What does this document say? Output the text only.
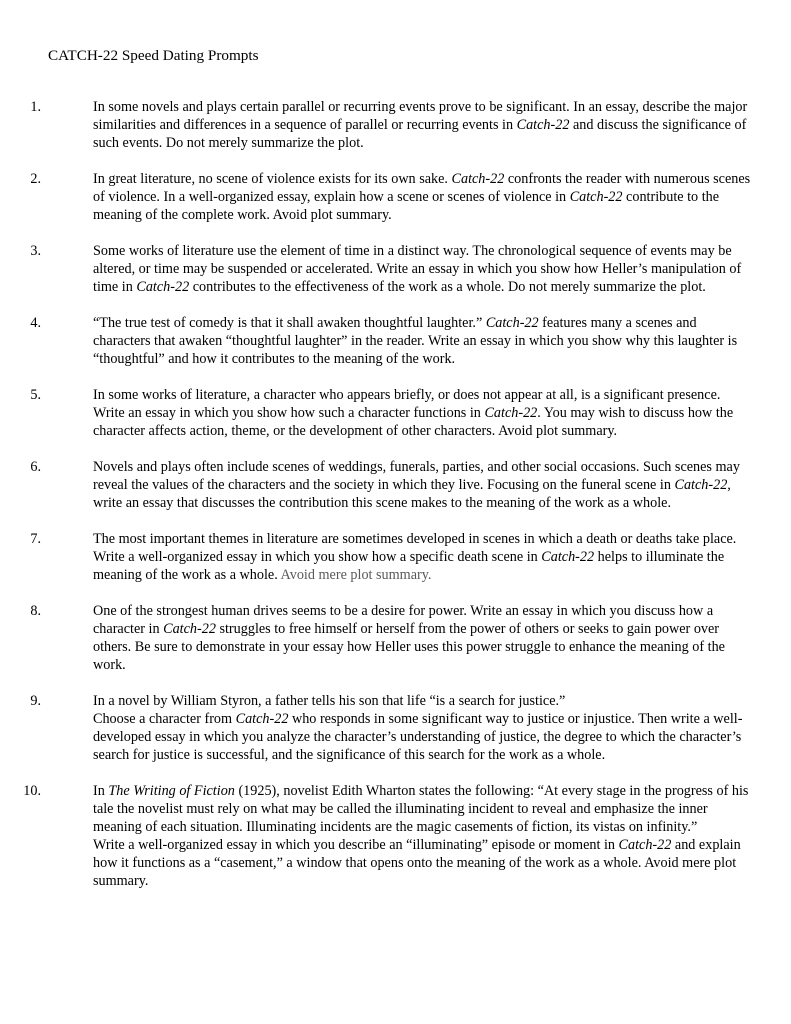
CATCH-22 Speed Dating Prompts
1.	In some novels and plays certain parallel or recurring events prove to be significant. In an essay, describe the major similarities and differences in a sequence of parallel or recurring events in Catch-22 and discuss the significance of such events. Do not merely summarize the plot.
2.	In great literature, no scene of violence exists for its own sake. Catch-22 confronts the reader with numerous scenes of violence. In a well-organized essay, explain how a scene or scenes of violence in Catch-22 contribute to the meaning of the complete work. Avoid plot summary.
3.	Some works of literature use the element of time in a distinct way. The chronological sequence of events may be altered, or time may be suspended or accelerated. Write an essay in which you show how Heller’s manipulation of time in Catch-22 contributes to the effectiveness of the work as a whole. Do not merely summarize the plot.
4.	“The true test of comedy is that it shall awaken thoughtful laughter.” Catch-22 features many a scenes and characters that awaken “thoughtful laughter” in the reader. Write an essay in which you show why this laughter is “thoughtful” and how it contributes to the meaning of the work.
5.	In some works of literature, a character who appears briefly, or does not appear at all, is a significant presence. Write an essay in which you show how such a character functions in Catch-22. You may wish to discuss how the character affects action, theme, or the development of other characters. Avoid plot summary.
6.	Novels and plays often include scenes of weddings, funerals, parties, and other social occasions. Such scenes may reveal the values of the characters and the society in which they live. Focusing on the funeral scene in Catch-22, write an essay that discusses the contribution this scene makes to the meaning of the work as a whole.
7.	The most important themes in literature are sometimes developed in scenes in which a death or deaths take place. Write a well-organized essay in which you show how a specific death scene in Catch-22 helps to illuminate the meaning of the work as a whole. Avoid mere plot summary.
8.	One of the strongest human drives seems to be a desire for power. Write an essay in which you discuss how a character in Catch-22 struggles to free himself or herself from the power of others or seeks to gain power over others. Be sure to demonstrate in your essay how Heller uses this power struggle to enhance the meaning of the work.
9.	In a novel by William Styron, a father tells his son that life “is a search for justice.”
Choose a character from Catch-22 who responds in some significant way to justice or injustice. Then write a well-developed essay in which you analyze the character’s understanding of justice, the degree to which the character’s search for justice is successful, and the significance of this search for the work as a whole.
10.	In The Writing of Fiction (1925), novelist Edith Wharton states the following: “At every stage in the progress of his tale the novelist must rely on what may be called the illuminating incident to reveal and emphasize the inner meaning of each situation. Illuminating incidents are the magic casements of fiction, its vistas on infinity.”
Write a well-organized essay in which you describe an “illuminating” episode or moment in Catch-22 and explain how it functions as a “casement,” a window that opens onto the meaning of the work as a whole. Avoid mere plot summary.
